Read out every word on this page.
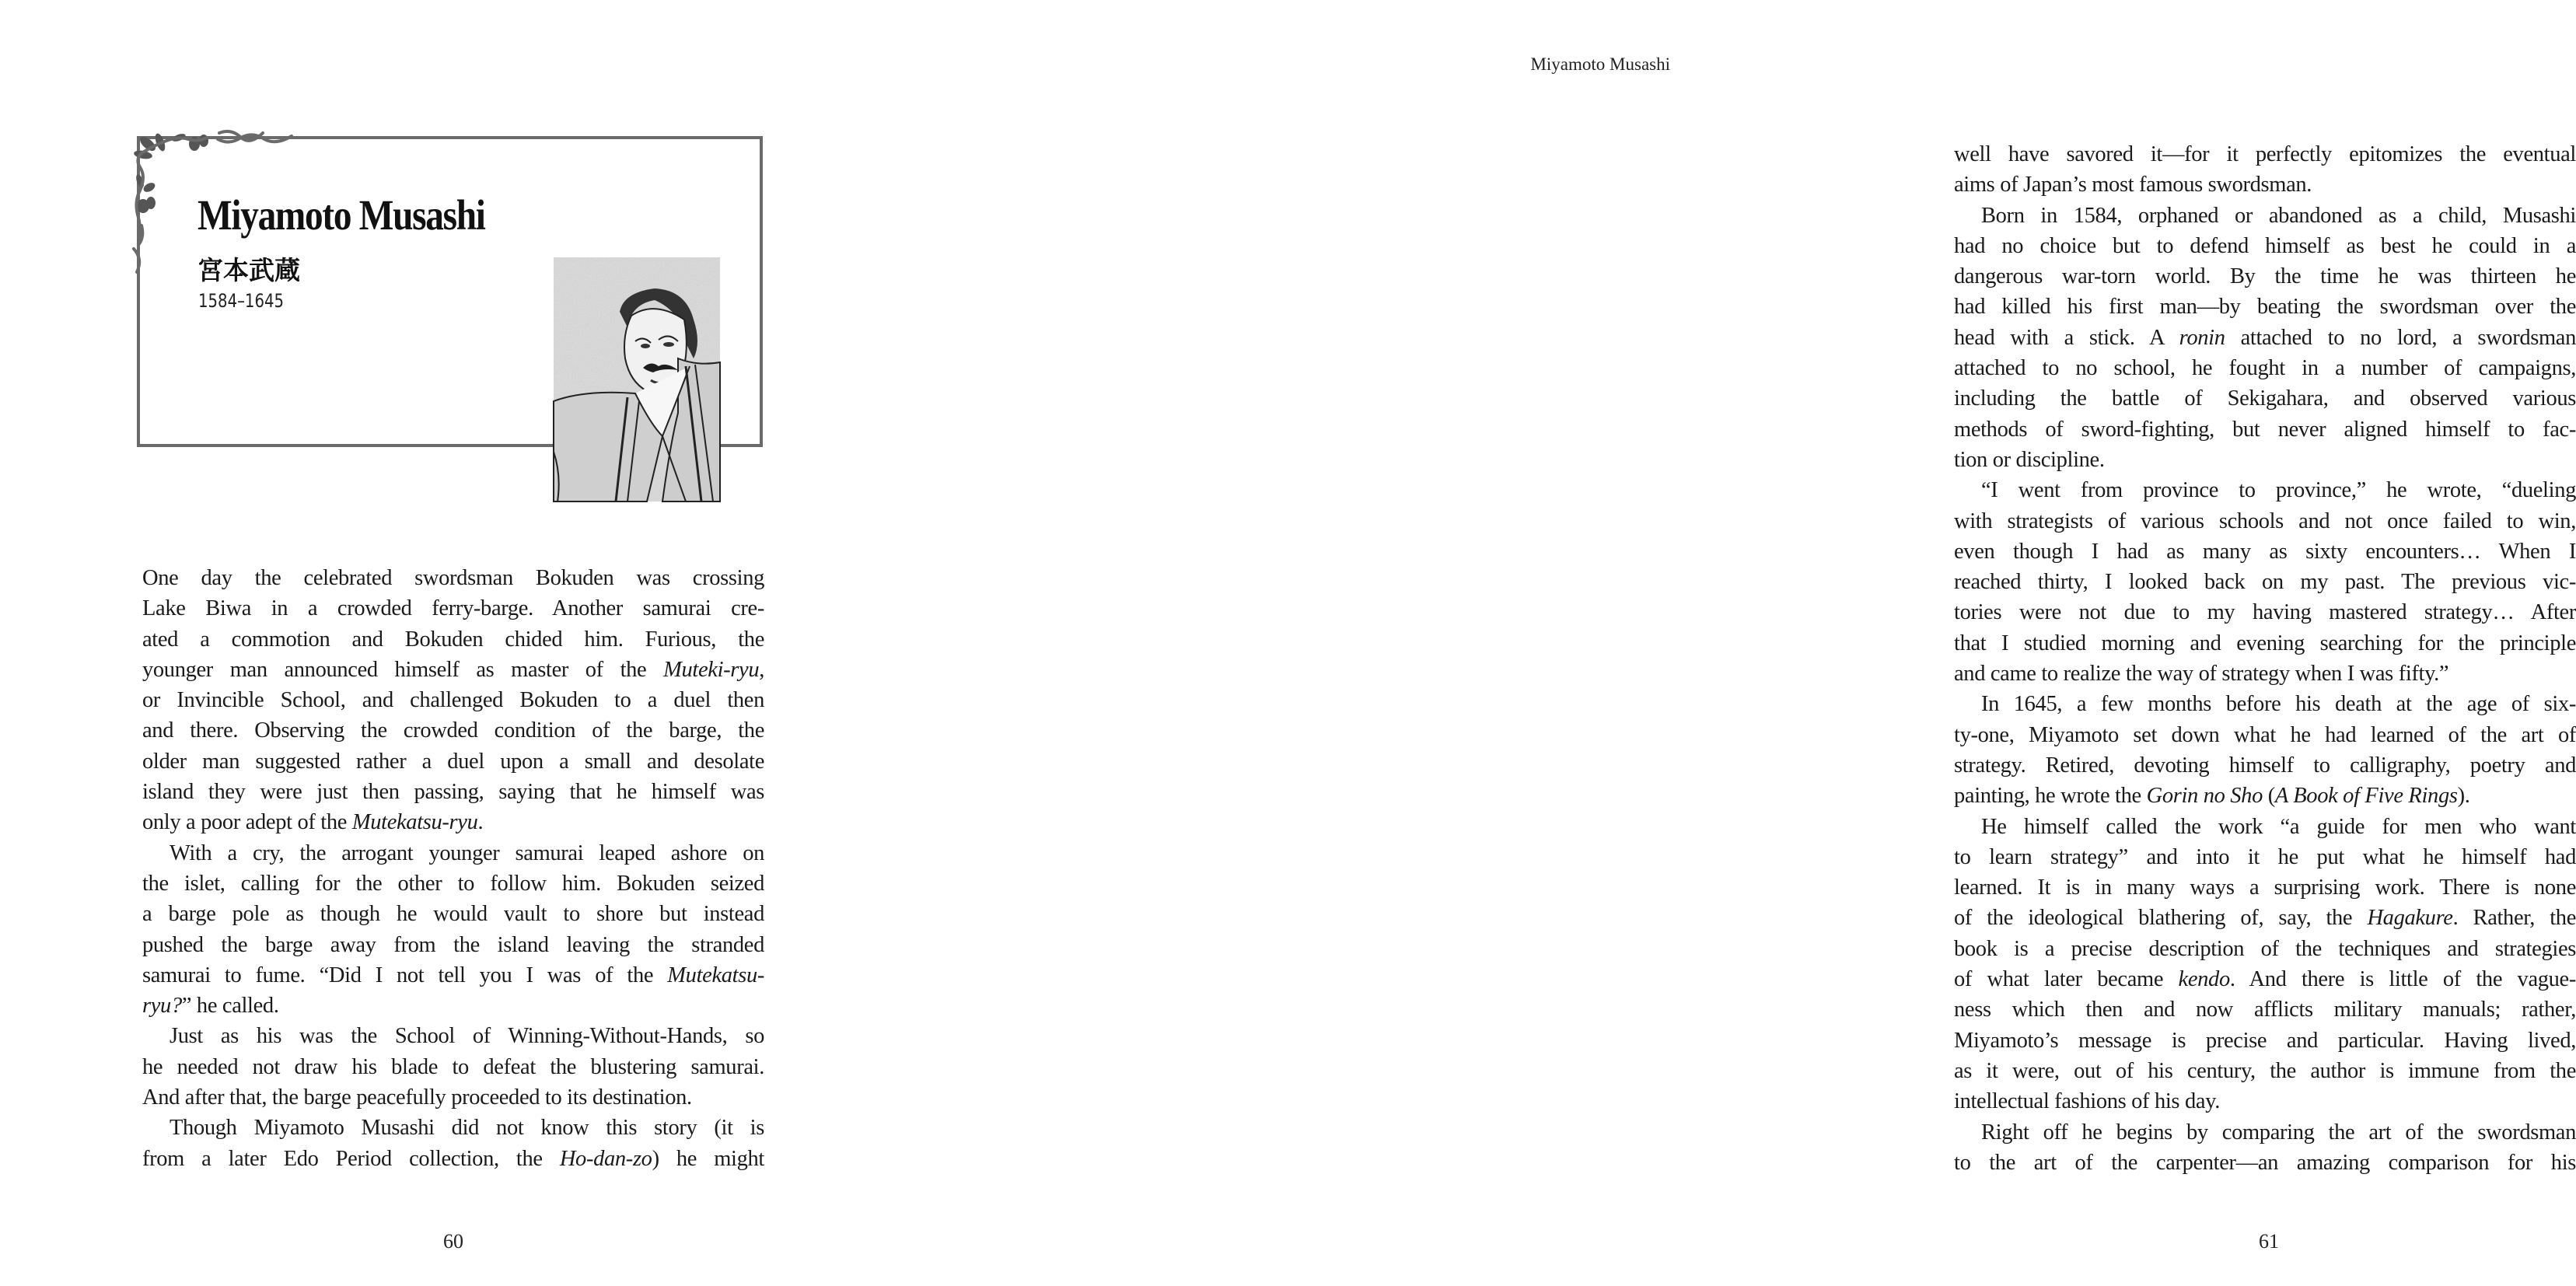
Miyamoto Musashi
宮本武蔵
1584–1645
One day the celebrated swordsman Bokuden was crossing
Lake Biwa in a crowded ferry-barge. Another samurai cre-
ated a commotion and Bokuden chided him. Furious, the
younger man announced himself as master of the Muteki-ryu,
or Invincible School, and challenged Bokuden to a duel then
and there. Observing the crowded condition of the barge, the
older man suggested rather a duel upon a small and desolate
island they were just then passing, saying that he himself was
only a poor adept of the Mutekatsu-ryu.
With a cry, the arrogant younger samurai leaped ashore on
the islet, calling for the other to follow him. Bokuden seized
a barge pole as though he would vault to shore but instead
pushed the barge away from the island leaving the stranded
samurai to fume. “Did I not tell you I was of the Mutekatsu-
ryu?” he called.
Just as his was the School of Winning-Without-Hands, so
he needed not draw his blade to defeat the blustering samurai.
And after that, the barge peacefully proceeded to its destination.
Though Miyamoto Musashi did not know this story (it is
from a later Edo Period collection, the Ho-dan-zo) he might
60
Miyamoto Musashi
well have savored it—for it perfectly epitomizes the eventual
aims of Japan’s most famous swordsman.
Born in 1584, orphaned or abandoned as a child, Musashi
had no choice but to defend himself as best he could in a
dangerous war-torn world. By the time he was thirteen he
had killed his first man—by beating the swordsman over the
head with a stick. A ronin attached to no lord, a swordsman
attached to no school, he fought in a number of campaigns,
including the battle of Sekigahara, and observed various
methods of sword-fighting, but never aligned himself to fac-
tion or discipline.
“I went from province to province,” he wrote, “dueling
with strategists of various schools and not once failed to win,
even though I had as many as sixty encounters… When I
reached thirty, I looked back on my past. The previous vic-
tories were not due to my having mastered strategy… After
that I studied morning and evening searching for the principle
and came to realize the way of strategy when I was fifty.”
In 1645, a few months before his death at the age of six-
ty-one, Miyamoto set down what he had learned of the art of
strategy. Retired, devoting himself to calligraphy, poetry and
painting, he wrote the Gorin no Sho (A Book of Five Rings).
He himself called the work “a guide for men who want
to learn strategy” and into it he put what he himself had
learned. It is in many ways a surprising work. There is none
of the ideological blathering of, say, the Hagakure. Rather, the
book is a precise description of the techniques and strategies
of what later became kendo. And there is little of the vague-
ness which then and now afflicts military manuals; rather,
Miyamoto’s message is precise and particular. Having lived,
as it were, out of his century, the author is immune from the
intellectual fashions of his day.
Right off he begins by comparing the art of the swordsman
to the art of the carpenter—an amazing comparison for his
61
